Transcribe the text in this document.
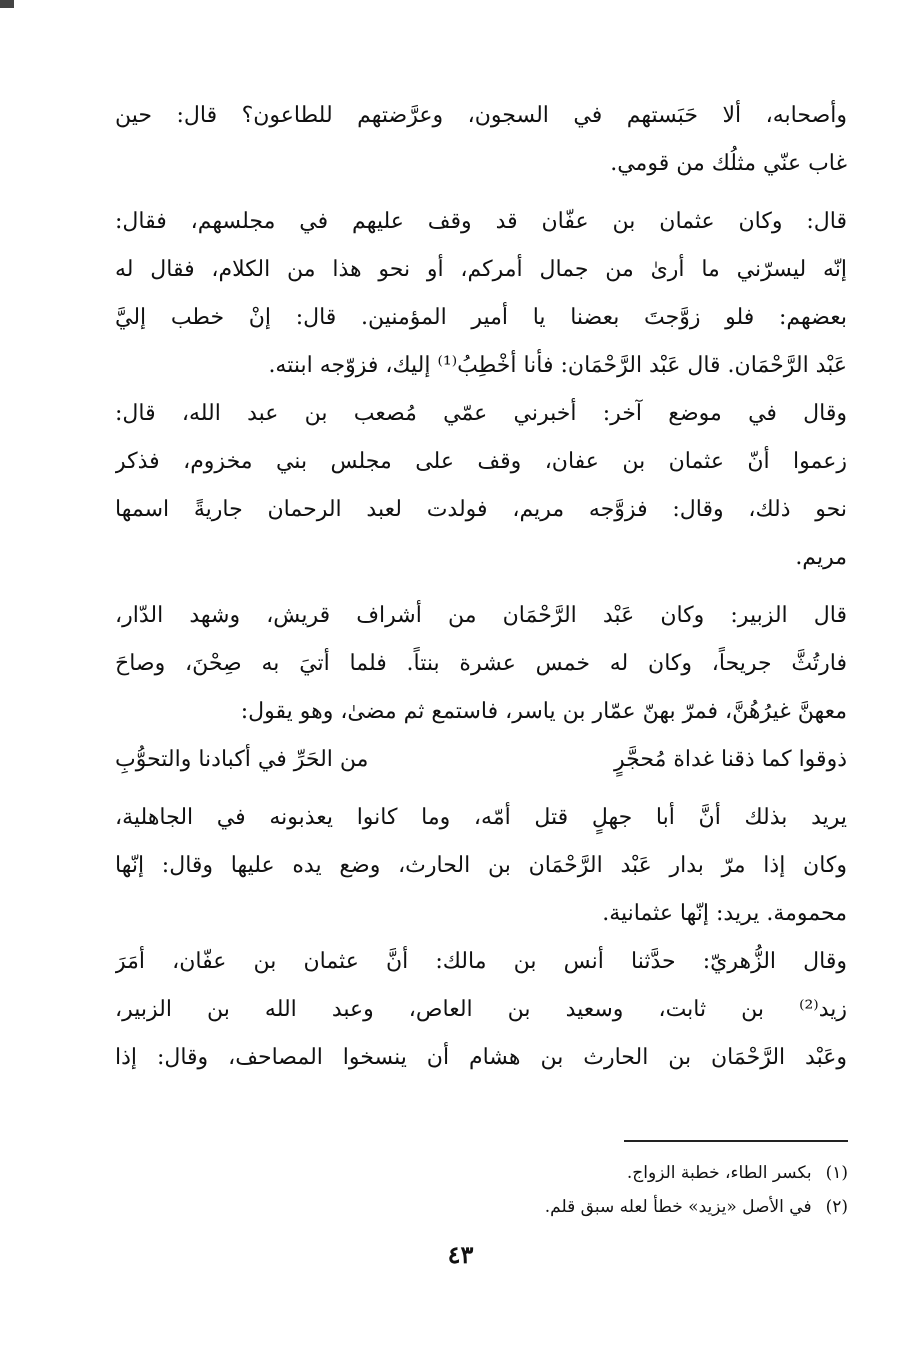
وأصحابه، ألا حَبَستهم في السجون، وعرَّضتهم للطاعون؟ قال: حين
غاب عنّي مثلُك من قومي.
قال: وكان عثمان بن عفّان قد وقف عليهم في مجلسهم، فقال:
إنّه ليسرّني ما أرىٰ من جمال أمركم، أو نحو هذا من الكلام، فقال له
بعضهم: فلو زوَّجتَ بعضنا يا أمير المؤمنين. قال: إنْ خطب إليَّ
عَبْد الرَّحْمَان. قال عَبْد الرَّحْمَان: فأنا أخْطِبُ⁽¹⁾ إليك، فزوّجه ابنته.
وقال في موضع آخر: أخبرني عمّي مُصعب بن عبد الله، قال:
زعموا أنّ عثمان بن عفان، وقف على مجلس بني مخزوم، فذكر
نحو ذلك، وقال: فزوَّجه مريم، فولدت لعبد الرحمان جاريةً اسمها
مريم.
قال الزبير: وكان عَبْد الرَّحْمَان من أشراف قريش، وشهد الدّار،
فارتُثَّ جريحاً، وكان له خمس عشرة بنتاً. فلما أتيَ به صِحْنَ، وصاحَ
معهنَّ غيرُهُنَّ، فمرّ بهنّ عمّار بن ياسر، فاستمع ثم مضىٰ، وهو يقول:
ذوقوا كما ذقنا غداة مُحجَّرٍ
من الحَرِّ في أكبادنا والتحوُّبِ
يريد بذلك أنَّ أبا جهلٍ قتل أمّه، وما كانوا يعذبونه في الجاهلية،
وكان إذا مرّ بدار عَبْد الرَّحْمَان بن الحارث، وضع يده عليها وقال: إنّها
محمومة. يريد: إنّها عثمانية.
وقال الزُّهريّ: حدَّثنا أنس بن مالك: أنَّ عثمان بن عفّان، أمَرَ
زيد⁽²⁾ بن ثابت، وسعيد بن العاص، وعبد الله بن الزبير،
وعَبْد الرَّحْمَان بن الحارث بن هشام أن ينسخوا المصاحف، وقال: إذا
(١)بكسر الطاء، خطبة الزواج.
(٢)في الأصل «يزيد» خطأ لعله سبق قلم.
٤٣
